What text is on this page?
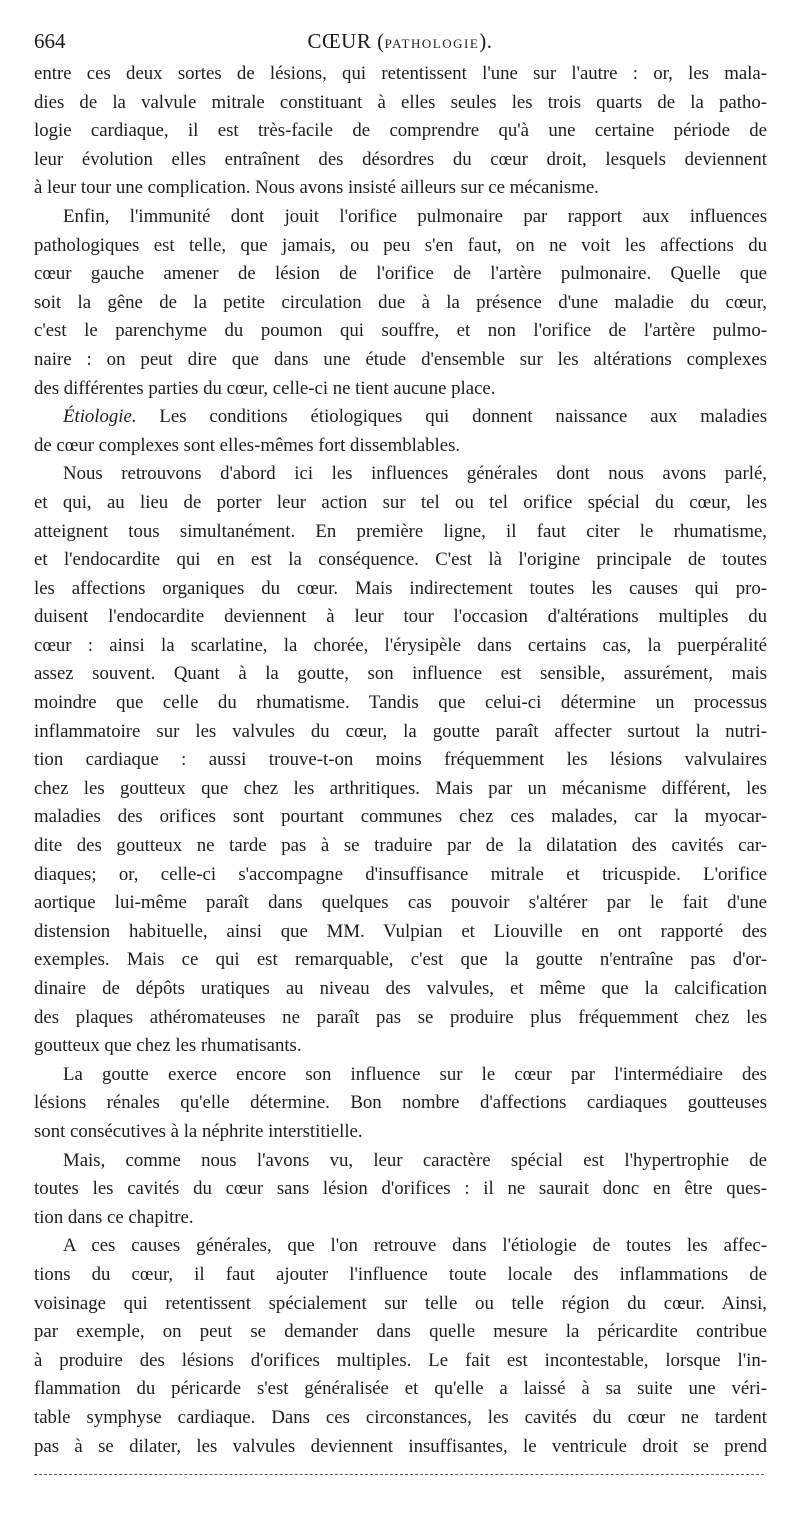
664	CŒUR (PATHOLOGIE).
entre ces deux sortes de lésions, qui retentissent l'une sur l'autre : or, les mala-
dies de la valvule mitrale constituant à elles seules les trois quarts de la patho-
logie cardiaque, il est très-facile de comprendre qu'à une certaine période de
leur évolution elles entraînent des désordres du cœur droit, lesquels deviennent
à leur tour une complication. Nous avons insisté ailleurs sur ce mécanisme.
Enfin, l'immunité dont jouit l'orifice pulmonaire par rapport aux influences
pathologiques est telle, que jamais, ou peu s'en faut, on ne voit les affections du
cœur gauche amener de lésion de l'orifice de l'artère pulmonaire. Quelle que
soit la gêne de la petite circulation due à la présence d'une maladie du cœur,
c'est le parenchyme du poumon qui souffre, et non l'orifice de l'artère pulmo-
naire : on peut dire que dans une étude d'ensemble sur les altérations complexes
des différentes parties du cœur, celle-ci ne tient aucune place.
Étiologie. Les conditions étiologiques qui donnent naissance aux maladies
de cœur complexes sont elles-mêmes fort dissemblables.
Nous retrouvons d'abord ici les influences générales dont nous avons parlé,
et qui, au lieu de porter leur action sur tel ou tel orifice spécial du cœur, les
atteignent tous simultanément. En première ligne, il faut citer le rhumatisme,
et l'endocardite qui en est la conséquence. C'est là l'origine principale de toutes
les affections organiques du cœur. Mais indirectement toutes les causes qui pro-
duisent l'endocardite deviennent à leur tour l'occasion d'altérations multiples du
cœur : ainsi la scarlatine, la chorée, l'érysipèle dans certains cas, la puerpéralité
assez souvent. Quant à la goutte, son influence est sensible, assurément, mais
moindre que celle du rhumatisme. Tandis que celui-ci détermine un processus
inflammatoire sur les valvules du cœur, la goutte paraît affecter surtout la nutri-
tion cardiaque : aussi trouve-t-on moins fréquemment les lésions valvulaires
chez les goutteux que chez les arthritiques. Mais par un mécanisme différent, les
maladies des orifices sont pourtant communes chez ces malades, car la myocar-
dite des goutteux ne tarde pas à se traduire par de la dilatation des cavités car-
diaques; or, celle-ci s'accompagne d'insuffisance mitrale et tricuspide. L'orifice
aortique lui-même paraît dans quelques cas pouvoir s'altérer par le fait d'une
distension habituelle, ainsi que MM. Vulpian et Liouville en ont rapporté des
exemples. Mais ce qui est remarquable, c'est que la goutte n'entraîne pas d'or-
dinaire de dépôts uratiques au niveau des valvules, et même que la calcification
des plaques athéromateuses ne paraît pas se produire plus fréquemment chez les
goutteux que chez les rhumatisants.
La goutte exerce encore son influence sur le cœur par l'intermédiaire des
lésions rénales qu'elle détermine. Bon nombre d'affections cardiaques goutteuses
sont consécutives à la néphrite interstitielle.
Mais, comme nous l'avons vu, leur caractère spécial est l'hypertrophie de
toutes les cavités du cœur sans lésion d'orifices : il ne saurait donc en être ques-
tion dans ce chapitre.
A ces causes générales, que l'on retrouve dans l'étiologie de toutes les affec-
tions du cœur, il faut ajouter l'influence toute locale des inflammations de
voisinage qui retentissent spécialement sur telle ou telle région du cœur. Ainsi,
par exemple, on peut se demander dans quelle mesure la péricardite contribue
à produire des lésions d'orifices multiples. Le fait est incontestable, lorsque l'in-
flammation du péricarde s'est généralisée et qu'elle a laissé à sa suite une véri-
table symphyse cardiaque. Dans ces circonstances, les cavités du cœur ne tardent
pas à se dilater, les valvules deviennent insuffisantes, le ventricule droit se prend
